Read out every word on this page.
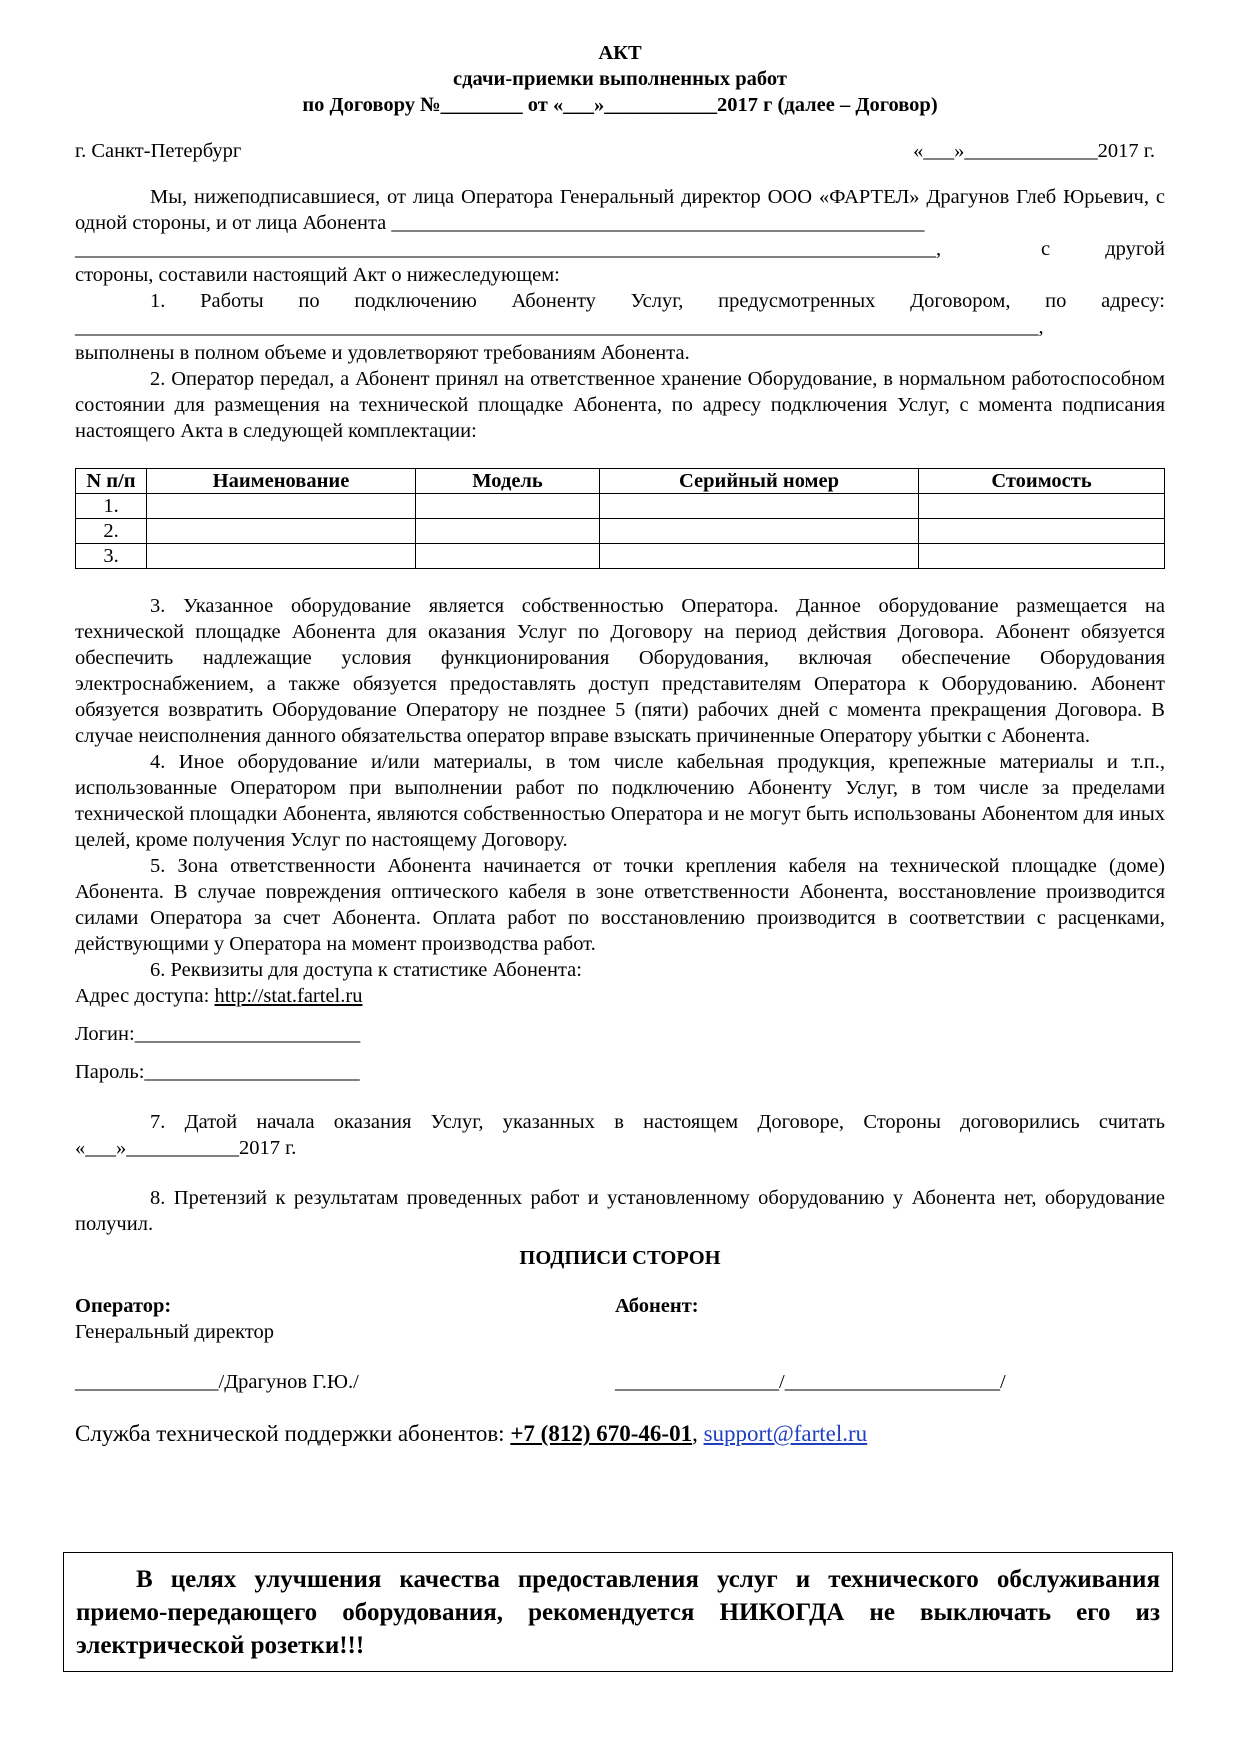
АКТ

сдачи-приемки выполненных работ

по Договору №________ от «___»___________2017 г (далее – Договор)

г. Санкт-Петербург	«___»_____________2017 г.

Мы, нижеподписавшиеся, от лица Оператора Генеральный директор ООО «ФАРТЕЛ» Драгунов Глеб Юрьевич, с одной стороны, и от лица Абонента ____________________________________________________

____________________________________________________________________________________,	с другой

стороны, составили настоящий Акт о нижеследующем:

1. Работы по подключению Абоненту Услуг, предусмотренных Договором, по адресу: ______________________________________________________________________________________________,

выполнены в полном объеме и удовлетворяют требованиям Абонента.

2. Оператор передал, а Абонент принял на ответственное хранение Оборудование, в нормальном работоспособном состоянии для размещения на технической площадке Абонента, по адресу подключения Услуг, с момента подписания настоящего Акта в следующей комплектации:

N п/п	Наименование	Модель	Серийный номер	Стоимость
1.				
2.				
3.				

3. Указанное оборудование является собственностью Оператора. Данное оборудование размещается на технической площадке Абонента для оказания Услуг по Договору на период действия Договора. Абонент обязуется обеспечить надлежащие условия функционирования Оборудования, включая обеспечение Оборудования электроснабжением, а также обязуется предоставлять доступ представителям Оператора к Оборудованию. Абонент обязуется возвратить Оборудование Оператору не позднее 5 (пяти) рабочих дней с момента прекращения Договора. В случае неисполнения данного обязательства оператор вправе взыскать причиненные Оператору убытки с Абонента.

4. Иное оборудование и/или материалы, в том числе кабельная продукция, крепежные материалы и т.п., использованные Оператором при выполнении работ по подключению Абоненту Услуг, в том числе за пределами технической площадки Абонента, являются собственностью Оператора и не могут быть использованы Абонентом для иных целей, кроме получения Услуг по настоящему Договору.

5. Зона ответственности Абонента начинается от точки крепления кабеля на технической площадке (доме) Абонента. В случае повреждения оптического кабеля в зоне ответственности Абонента, восстановление производится силами Оператора за счет Абонента. Оплата работ по восстановлению производится в соответствии с расценками, действующими у Оператора на момент производства работ.

6. Реквизиты для доступа к статистике Абонента:

Адрес доступа: http://stat.fartel.ru

Логин:______________________

Пароль:_____________________

7. Датой начала оказания Услуг, указанных в настоящем Договоре, Стороны договорились считать «___»___________2017 г.

8. Претензий к результатам проведенных работ и установленному оборудованию у Абонента нет, оборудование получил.

ПОДПИСИ СТОРОН

Оператор:

Генеральный директор

______________/Драгунов Г.Ю./

Абонент:

________________/_____________________/

Служба технической поддержки абонентов: +7 (812) 670-46-01, support@fartel.ru

В целях улучшения качества предоставления услуг и технического обслуживания приемо-передающего оборудования, рекомендуется НИКОГДА не выключать его из электрической розетки!!!
